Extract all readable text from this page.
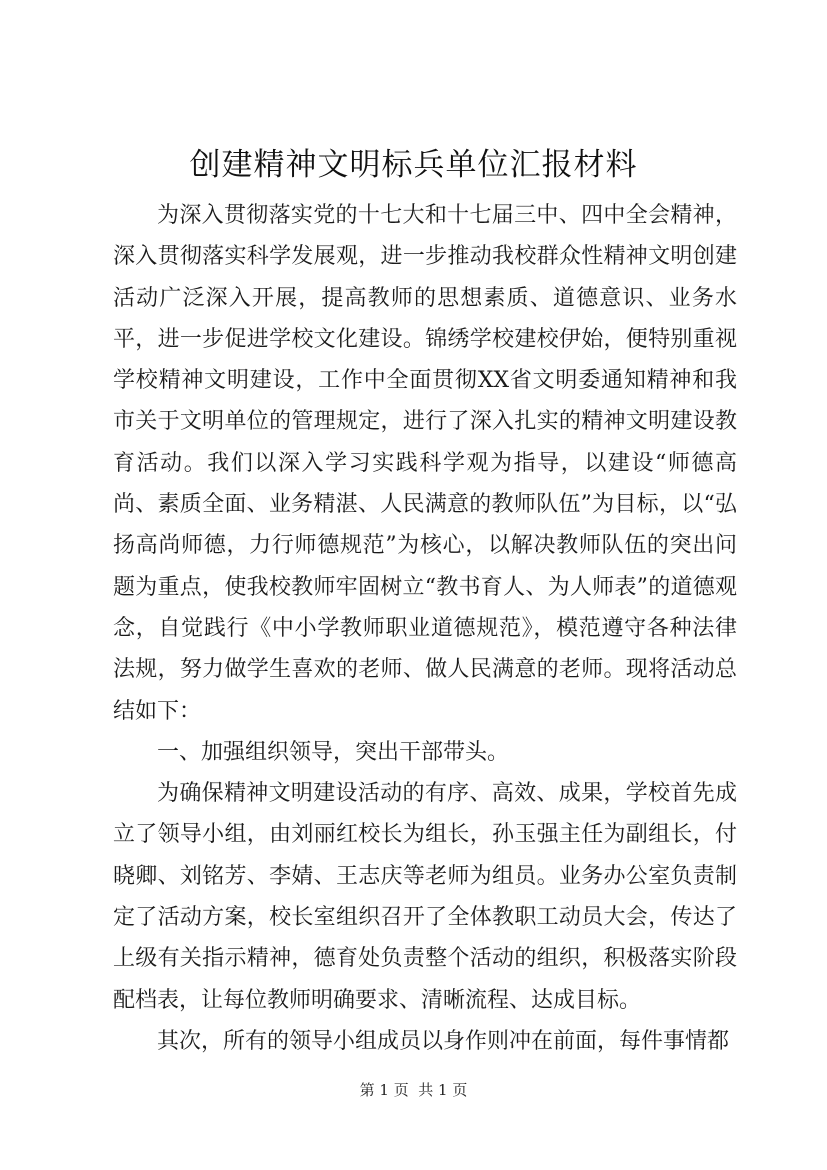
创建精神文明标兵单位汇报材料

为深入贯彻落实党的十七大和十七届三中、四中全会精神，深入贯彻落实科学发展观，进一步推动我校群众性精神文明创建活动广泛深入开展，提高教师的思想素质、道德意识、业务水平，进一步促进学校文化建设。锦绣学校建校伊始，便特别重视学校精神文明建设，工作中全面贯彻XX省文明委通知精神和我市关于文明单位的管理规定，进行了深入扎实的精神文明建设教育活动。我们以深入学习实践科学观为指导，以建设“师德高尚、素质全面、业务精湛、人民满意的教师队伍”为目标，以“弘扬高尚师德，力行师德规范”为核心，以解决教师队伍的突出问题为重点，使我校教师牢固树立“教书育人、为人师表”的道德观念，自觉践行《中小学教师职业道德规范》，模范遵守各种法律法规，努力做学生喜欢的老师、做人民满意的老师。现将活动总结如下：

一、加强组织领导，突出干部带头。

为确保精神文明建设活动的有序、高效、成果，学校首先成立了领导小组，由刘丽红校长为组长，孙玉强主任为副组长，付晓卿、刘铭芳、李婧、王志庆等老师为组员。业务办公室负责制定了活动方案，校长室组织召开了全体教职工动员大会，传达了上级有关指示精神，德育处负责整个活动的组织，积极落实阶段配档表，让每位教师明确要求、清晰流程、达成目标。

其次，所有的领导小组成员以身作则冲在前面，每件事情都

第 1 页  共 1 页
